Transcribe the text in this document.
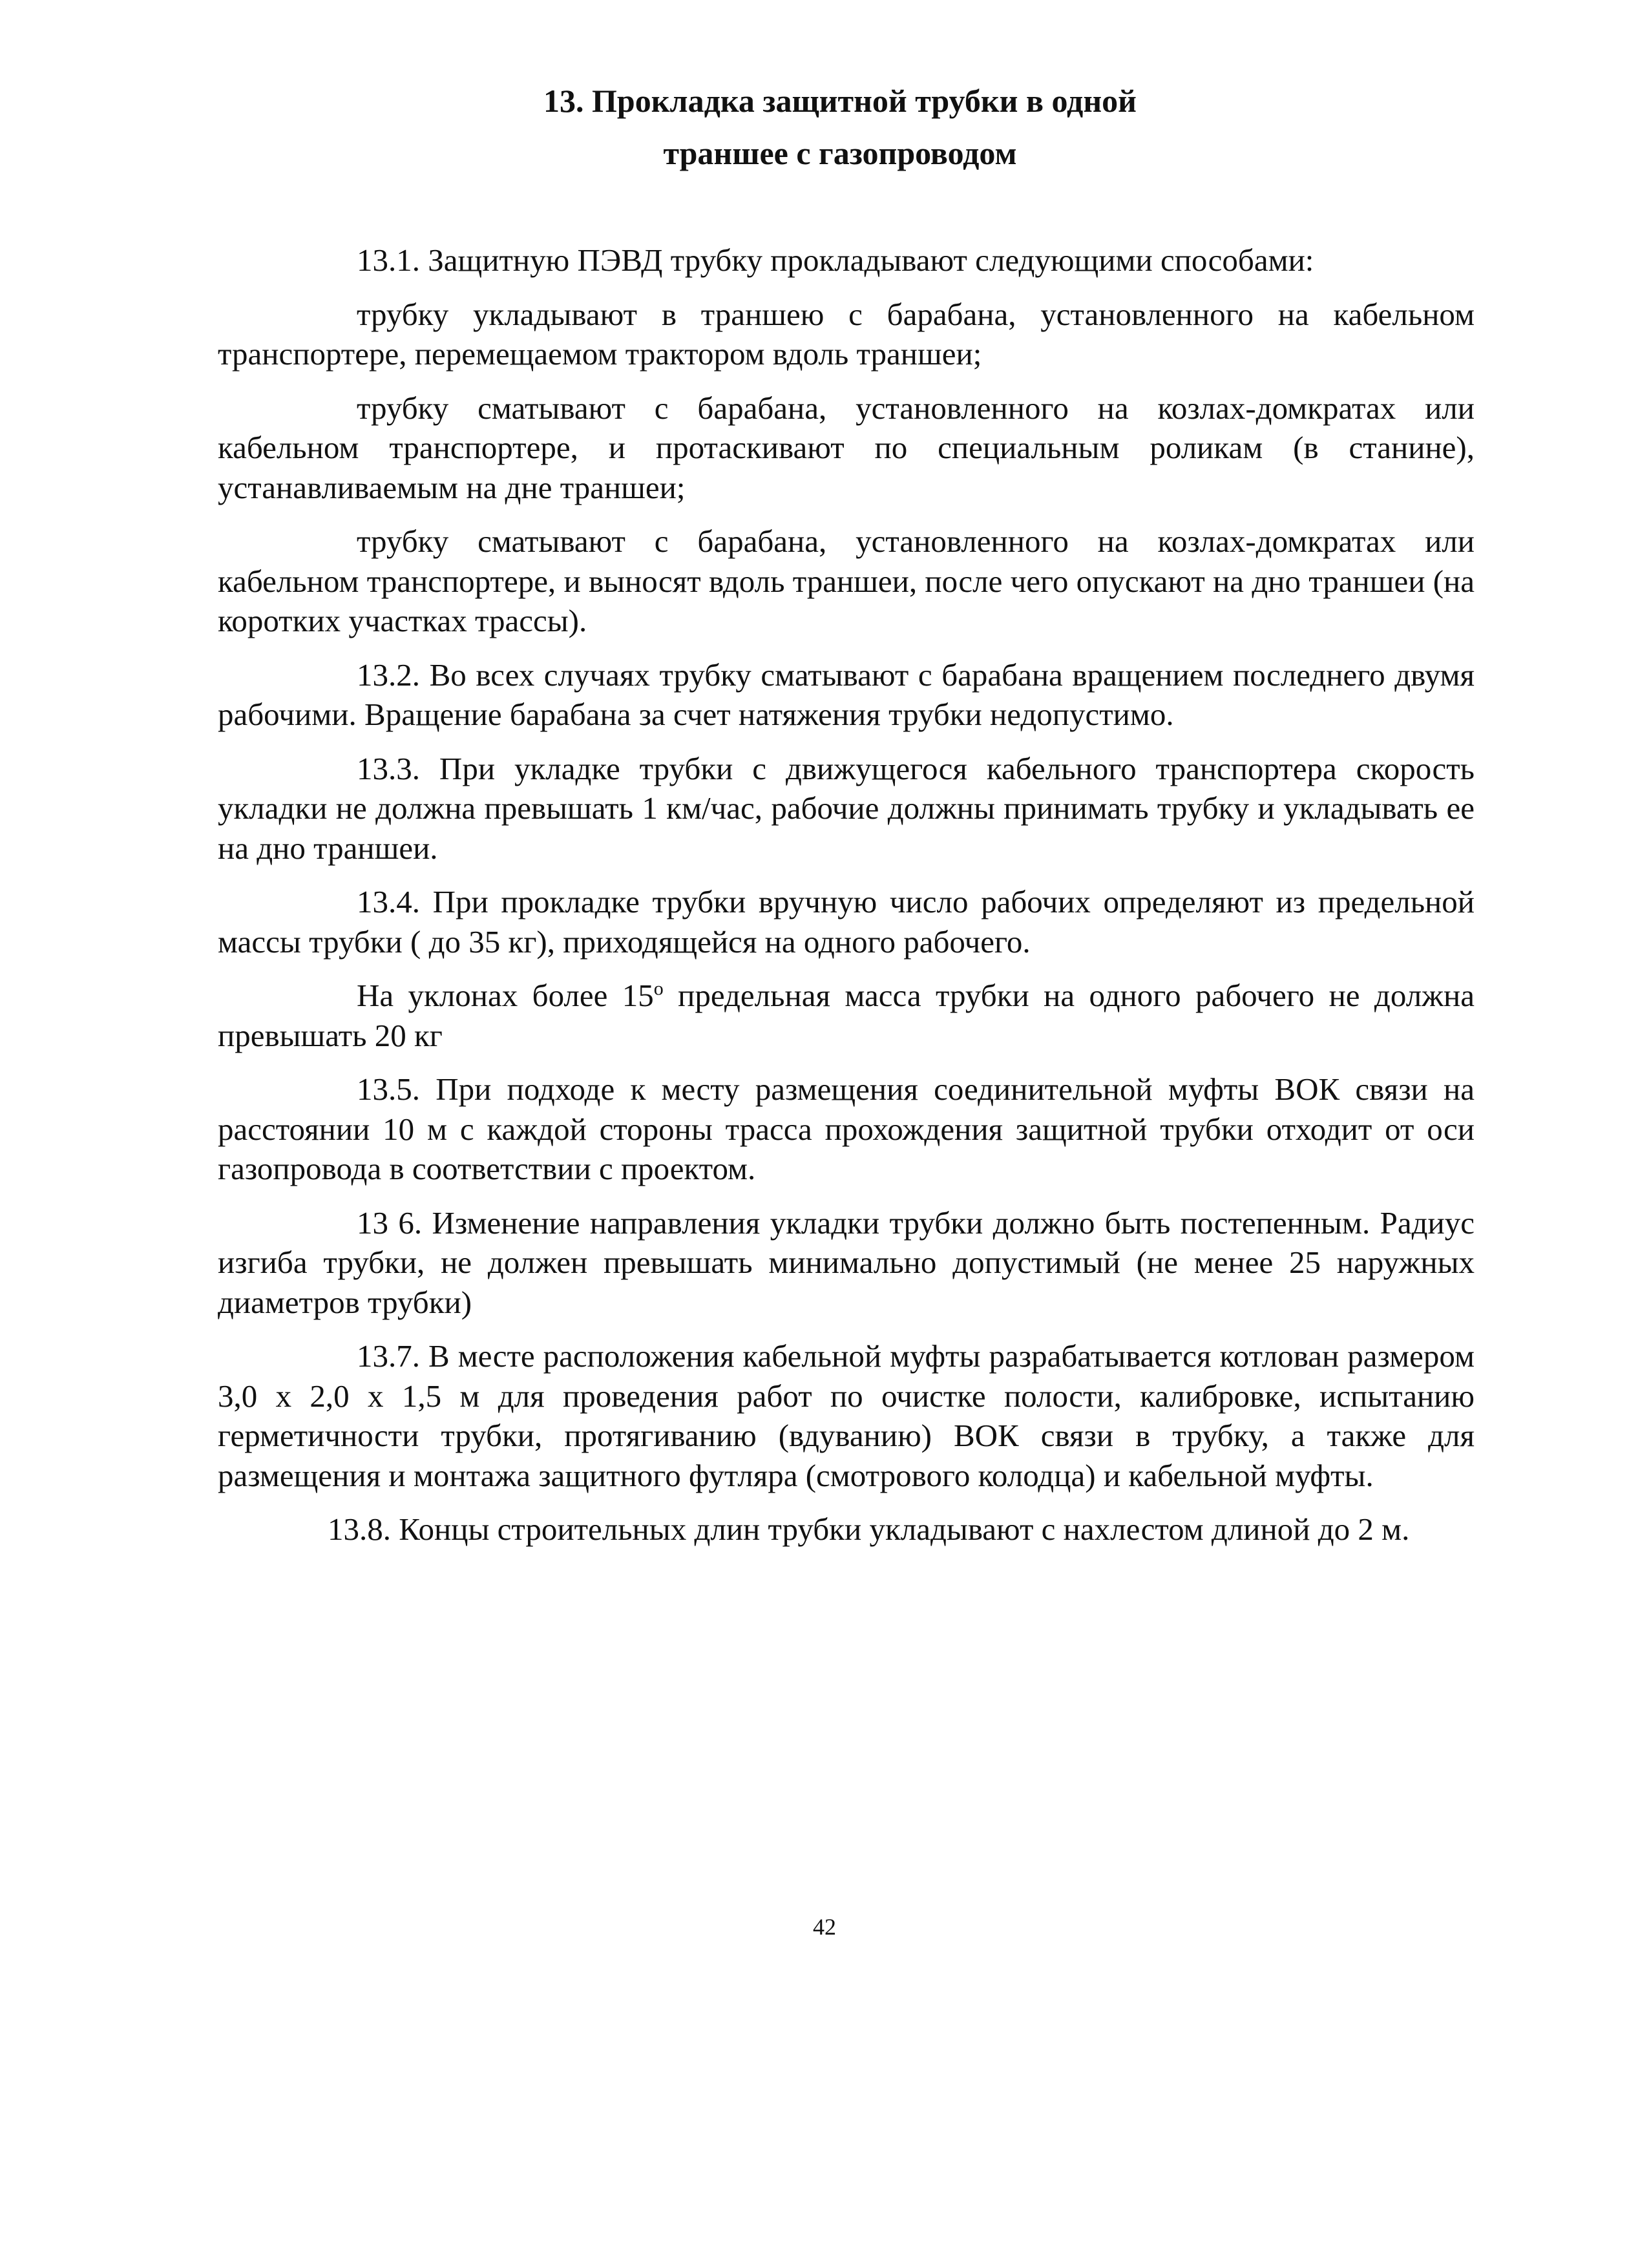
13. Прокладка защитной трубки в одной
траншее с газопроводом

13.1. Защитную ПЭВД трубку прокладывают следующими способами:

трубку укладывают в траншею с барабана, установленного на кабельном транспортере, перемещаемом трактором вдоль траншеи;

трубку сматывают с барабана, установленного на козлах-домкратах или кабельном транспортере, и протаскивают по специальным роликам (в станине), устанавливаемым на дне траншеи;

трубку сматывают с барабана, установленного на козлах-домкратах или кабельном транспортере, и выносят вдоль траншеи, после чего опускают на дно траншеи (на коротких участках трассы).

13.2. Во всех случаях трубку сматывают с барабана вращением последнего двумя рабочими. Вращение барабана за счет натяжения трубки недопустимо.

13.3. При укладке трубки с движущегося кабельного транспортера скорость укладки не должна превышать 1 км/час, рабочие должны принимать трубку и укладывать ее на дно траншеи.

13.4. При прокладке трубки вручную число рабочих определяют из предельной массы трубки ( до 35 кг), приходящейся на одного рабочего.

На уклонах более 15$^o$ предельная масса трубки на одного рабочего не должна превышать 20 кг

13.5. При подходе к месту размещения соединительной муфты ВОК связи на расстоянии 10 м с каждой стороны трасса прохождения защитной трубки отходит от оси газопровода в соответствии с проектом.

13 6. Изменение направления укладки трубки должно быть постепенным. Радиус изгиба трубки, не должен превышать минимально допустимый (не менее 25 наружных диаметров трубки)

13.7. В месте расположения кабельной муфты разрабатывается котлован размером 3,0 х 2,0 х 1,5 м для проведения работ по очистке полости, калибровке, испытанию герметичности трубки, протягиванию (вдуванию) ВОК связи в трубку, а также для размещения и монтажа защитного футляра (смотрового колодца) и кабельной муфты.

13.8. Концы строительных длин трубки укладывают с нахлестом длиной до 2 м.

42
